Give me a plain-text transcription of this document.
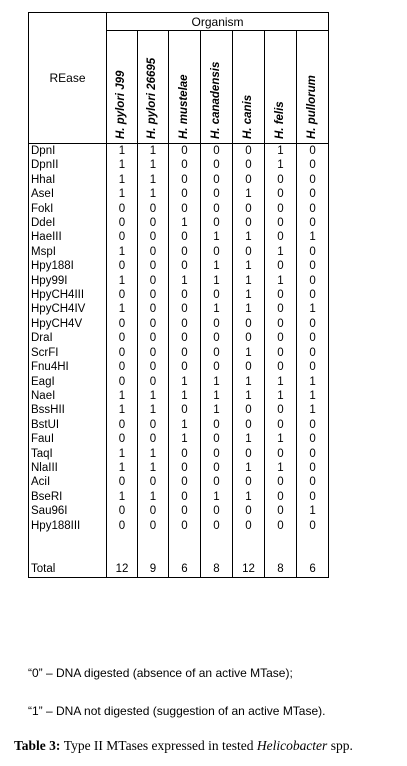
REase	Organism						

	H. pylori J99	H. pylori 26695	H. mustelae	H. canadensis	H. canis	H. felis	H. pullorum

DpnI	1	1	0	0	0	1	0
DpnII	1	1	0	0	0	1	0
HhaI	1	1	0	0	0	0	0
AseI	1	1	0	0	1	0	0
FokI	0	0	0	0	0	0	0
DdeI	0	0	1	0	0	0	0
HaeIII	0	0	0	1	1	0	1
MspI	1	0	0	0	0	1	0
Hpy188I	0	0	0	1	1	0	0
Hpy99I	1	0	1	1	1	1	0
HpyCH4III	0	0	0	0	1	0	0
HpyCH4IV	1	0	0	1	1	0	1
HpyCH4V	0	0	0	0	0	0	0
DraI	0	0	0	0	0	0	0
ScrFI	0	0	0	0	1	0	0
Fnu4HI	0	0	0	0	0	0	0
EagI	0	0	1	1	1	1	1
NaeI	1	1	1	1	1	1	1
BssHII	1	1	0	1	0	0	1
BstUI	0	0	1	0	0	0	0
FauI	0	0	1	0	1	1	0
TaqI	1	1	0	0	0	0	0
NlaIII	1	1	0	0	1	1	0
AciI	0	0	0	0	0	0	0
BseRI	1	1	0	1	1	0	0
Sau96I	0	0	0	0	0	0	1
Hpy188III	0	0	0	0	0	0	0

Total	12	9	6	8	12	8	6
“0” – DNA digested (absence of an active MTase);
“1” – DNA not digested (suggestion of an active MTase).
Table 3: Type II MTases expressed in tested Helicobacter spp.
